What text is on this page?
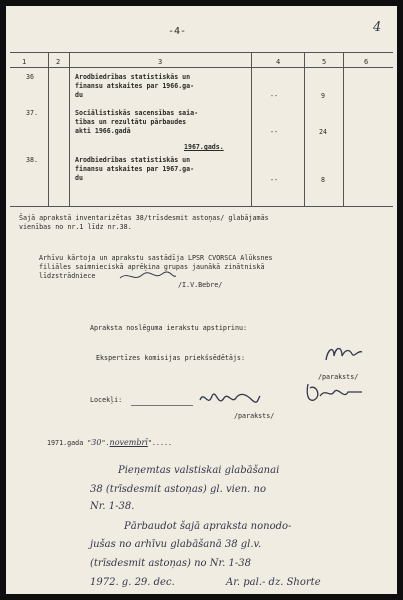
4
-4-
1	2	3	4	5	6
36	Arodbiedrības statistiskās un
finansu atskaites par 1966.ga-
du	--	9
37.	Sociālistiskās sacensības saia-
tības un rezultātu pārbaudes
akti 1966.gadā	--	24
1967.gads.
38.	Arodbiedrības statistiskās un
finansu atskaites par 1967.ga-
du	--	8
Šajā aprakstā inventarizētas 38/trīsdesmit astoņas/ glabājamās
vienības no nr.1 līdz nr.38.
Arhīvu kārtoja un aprakstu sastādīja LPSR CVORSCA Alūksnes
filiāles saimnieciskā aprēķina grupas jaunākā zinātniskā
līdzstrādniece
/I.V.Bebre/
Apraksta noslēguma ierakstu apstiprinu:
Ekspertīzes komisijas priekšsēdētājs:
/paraksts/
Locekļi:
/paraksts/
1971.gada "30".novembrī".....
Pieņemtas valstiskai glabāšanai
38 (trīsdesmit astoņas) gl. vien. no
Nr. 1-38.
Pārbaudot šajā apraksta nonodo-
jušas no arhīvu glabāšanā 38 gl.v.
(trīsdesmit astoņas) no Nr. 1-38
Ar. pal.- dz. Shorte
1972. g. 29. dec.
